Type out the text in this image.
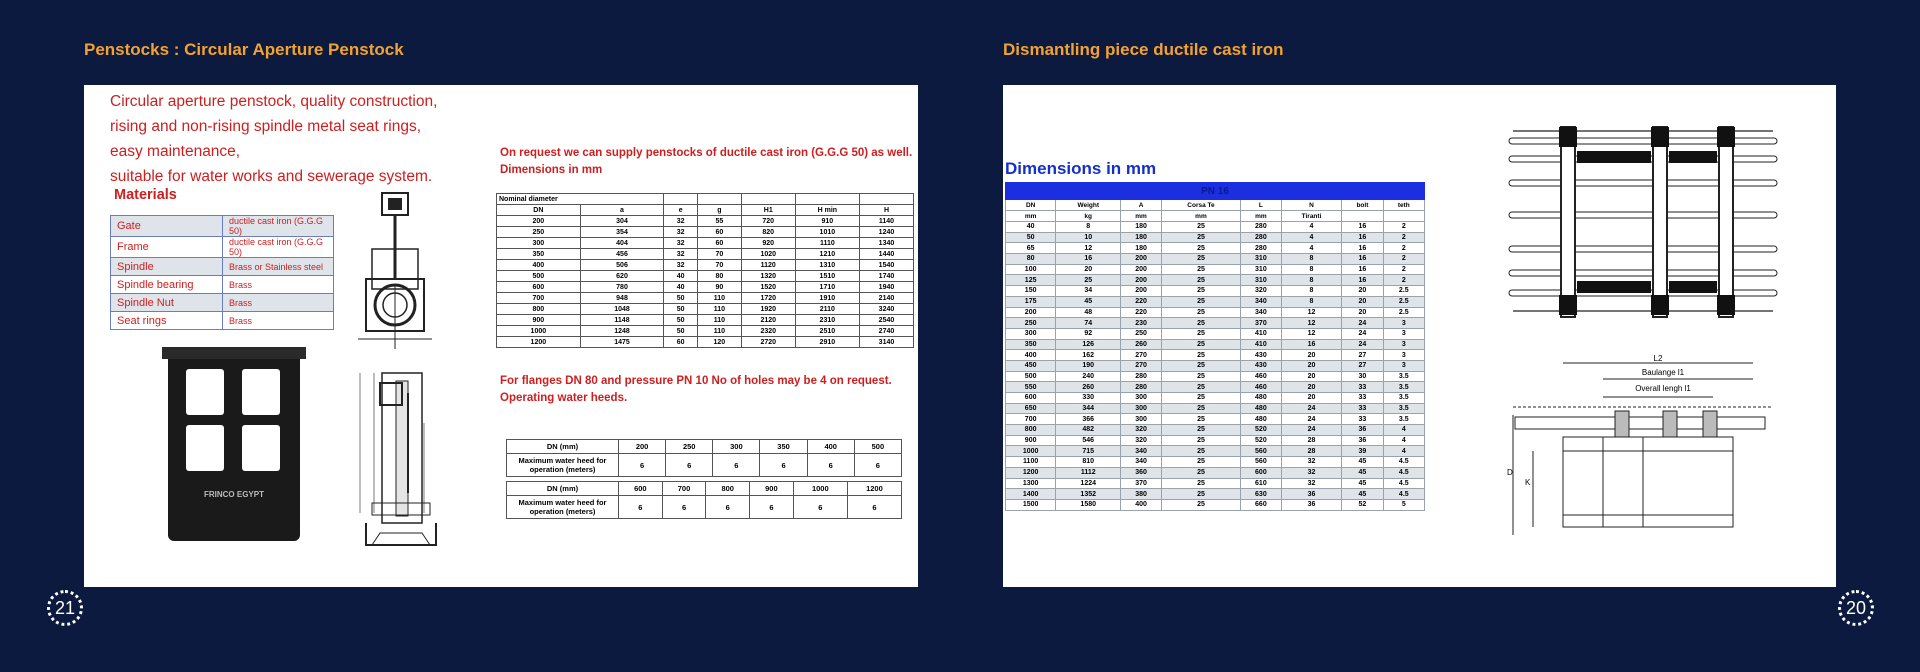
Penstocks : Circular Aperture Penstock
Circular aperture penstock, quality construction,
rising and non-rising spindle metal seat rings,
easy maintenance,
suitable for water works and sewerage system.
Materials
Gate	ductile cast iron (G.G.G 50)
Frame	ductile cast iron (G.G.G 50)
Spindle	Brass or Stainless steel
Spindle bearing	Brass
Spindle Nut	Brass
Seat rings	Brass
FRINCO EGYPT
On request we can supply penstocks of ductile cast iron (G.G.G 50) as well.
Dimensions in mm
Nominal diameter						
DN	a	e	g	H1	H min	H
200	304	32	55	720	910	1140
250	354	32	60	820	1010	1240
300	404	32	60	920	1110	1340
350	456	32	70	1020	1210	1440
400	506	32	70	1120	1310	1540
500	620	40	80	1320	1510	1740
600	780	40	90	1520	1710	1940
700	948	50	110	1720	1910	2140
800	1048	50	110	1920	2110	3240
900	1148	50	110	2120	2310	2540
1000	1248	50	110	2320	2510	2740
1200	1475	60	120	2720	2910	3140
For flanges DN 80 and pressure PN 10 No of holes may be 4 on request.
Operating water heeds.
DN (mm)	200	250	300	350	400	500
Maximum water heed for operation (meters)	6	6	6	6	6	6
DN (mm)	600	700	800	900	1000	1200
Maximum water heed for operation (meters)	6	6	6	6	6	6
21
Dismantling piece ductile cast iron
Dimensions in mm
PN 16							
DN	Weight	A	Corsa Te	L	N	bolt	teth
mm	kg	mm	mm	mm	Tiranti		
40	8	180	25	280	4	16	2
50	10	180	25	280	4	16	2
65	12	180	25	280	4	16	2
80	16	200	25	310	8	16	2
100	20	200	25	310	8	16	2
125	25	200	25	310	8	16	2
150	34	200	25	320	8	20	2.5
175	45	220	25	340	8	20	2.5
200	48	220	25	340	12	20	2.5
250	74	230	25	370	12	24	3
300	92	250	25	410	12	24	3
350	126	260	25	410	16	24	3
400	162	270	25	430	20	27	3
450	190	270	25	430	20	27	3
500	240	280	25	460	20	30	3.5
550	260	280	25	460	20	33	3.5
600	330	300	25	480	20	33	3.5
650	344	300	25	480	24	33	3.5
700	366	300	25	480	24	33	3.5
800	482	320	25	520	24	36	4
900	546	320	25	520	28	36	4
1000	715	340	25	560	28	39	4
1100	810	340	25	560	32	45	4.5
1200	1112	360	25	600	32	45	4.5
1300	1224	370	25	610	32	45	4.5
1400	1352	380	25	630	36	45	4.5
1500	1580	400	25	660	36	52	5
L2
Baulange l1
Overall lengh l1
D
K
20
